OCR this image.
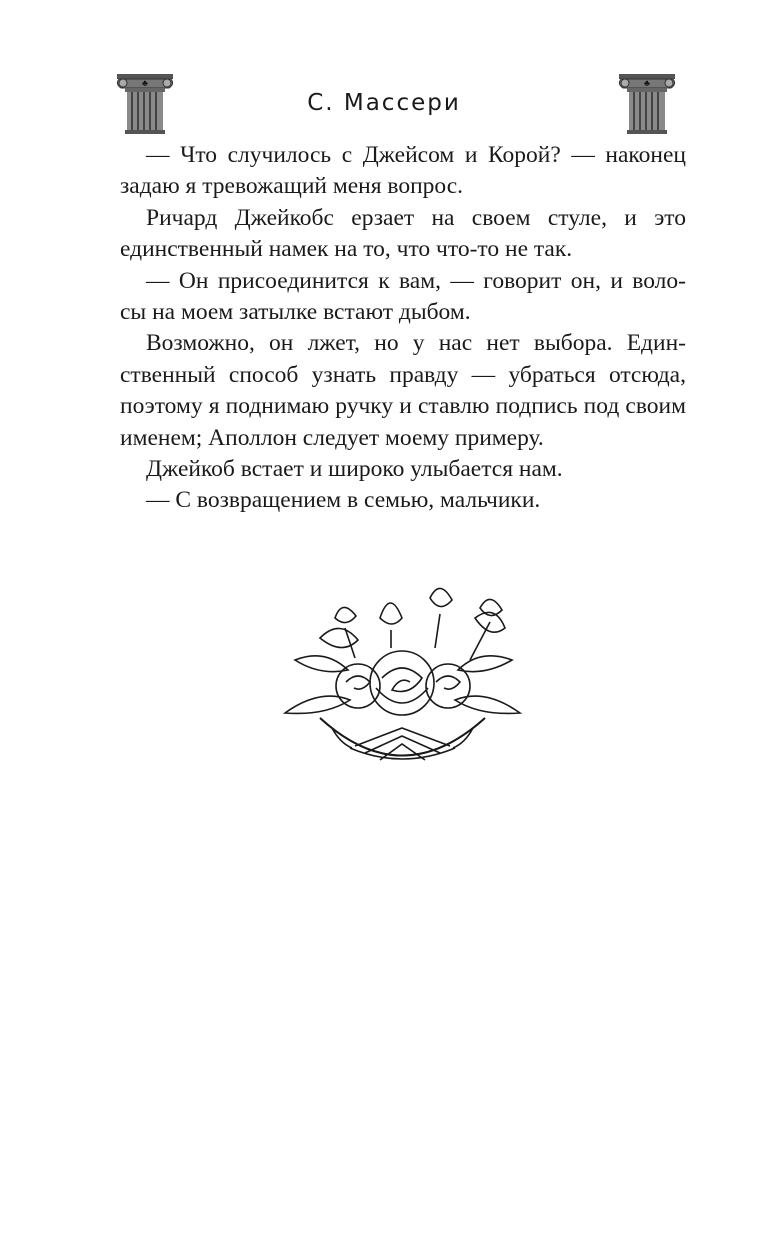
♣
С. Массери
♣

— Что случилось с Джейсом и Корой? — наконец
задаю я тревожащий меня вопрос.

Ричард Джейкобс ерзает на своем стуле, и это
единственный намек на то, что что-то не так.

— Он присоединится к вам, — говорит он, и воло-
сы на моем затылке встают дыбом.

Возможно, он лжет, но у нас нет выбора. Един-
ственный способ узнать правду — убраться отсюда, поэтому я поднимаю ручку и ставлю подпись под своим именем; Аполлон следует моему примеру.

Джейкоб встает и широко улыбается нам.

— С возвращением в семью, мальчики.
